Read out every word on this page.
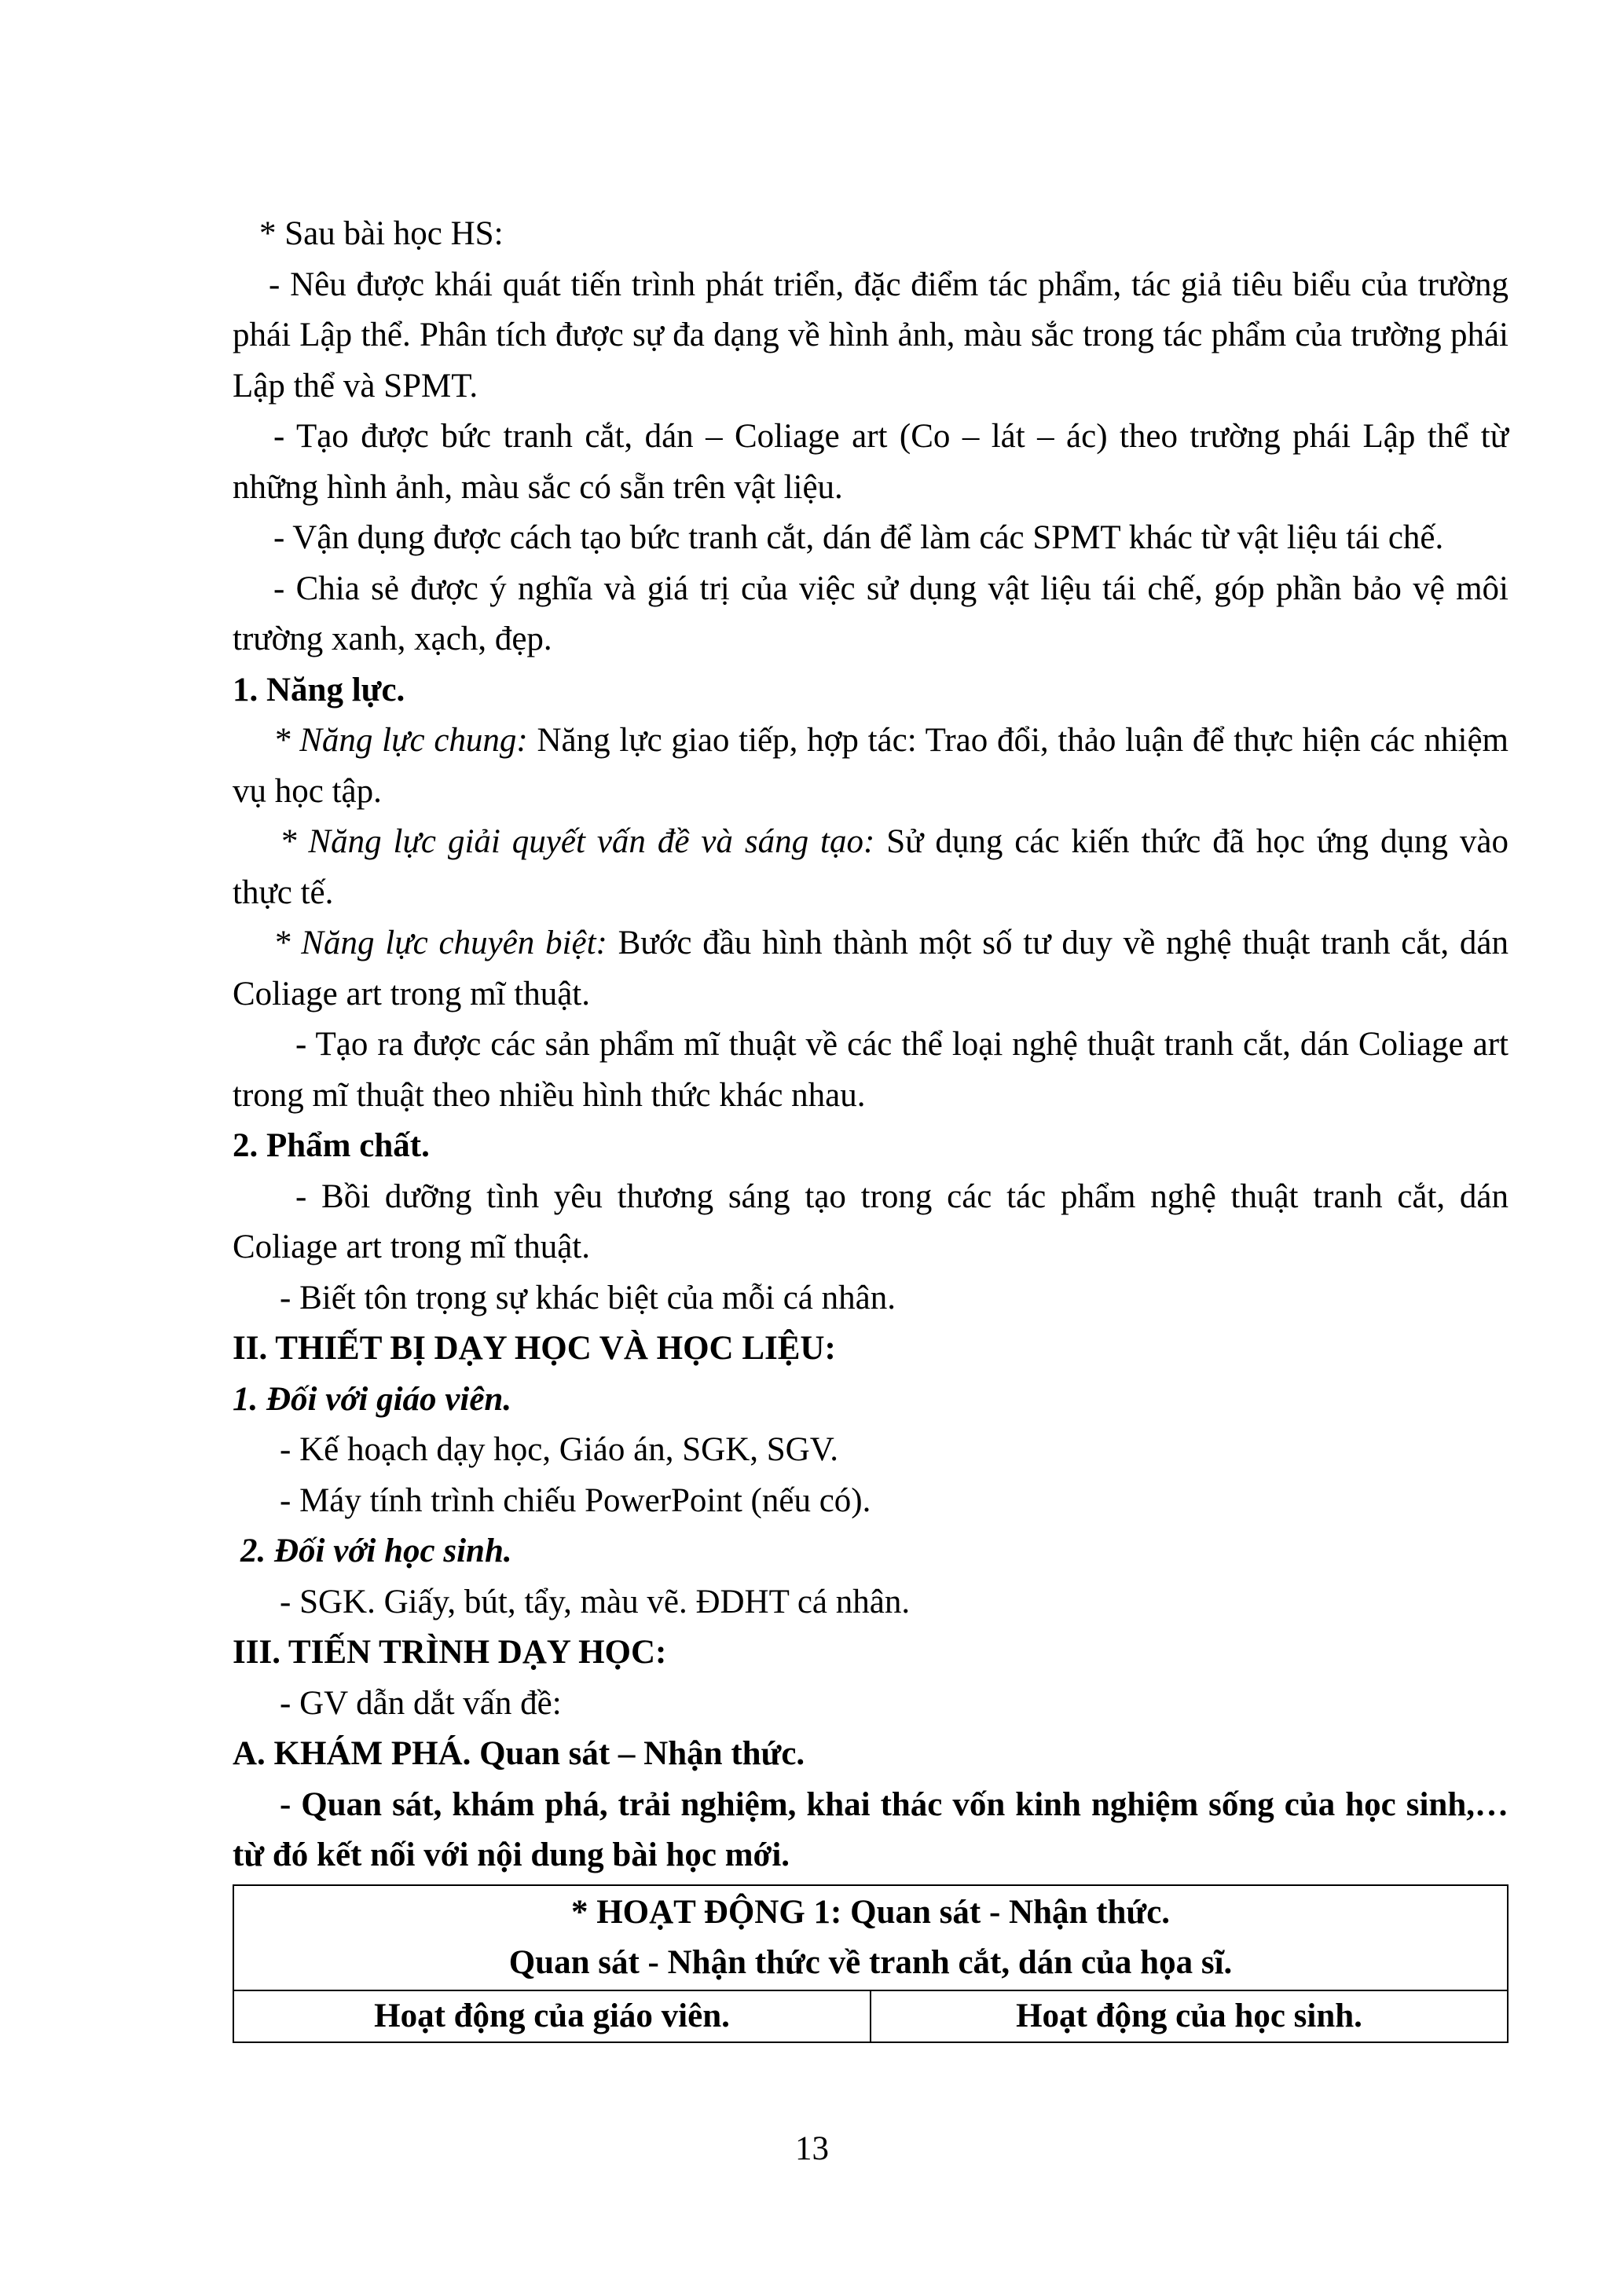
* Sau bài học HS:

- Nêu được khái quát tiến trình phát triển, đặc điểm tác phẩm, tác giả tiêu biểu của trường phái Lập thể. Phân tích được sự đa dạng về hình ảnh, màu sắc trong tác phẩm của trường phái Lập thể và SPMT.

- Tạo được bức tranh cắt, dán – Coliage art (Co – lát – ác) theo trường phái Lập thể từ những hình ảnh, màu sắc có sẵn trên vật liệu.

- Vận dụng được cách tạo bức tranh cắt, dán để làm các SPMT khác từ vật liệu tái chế.

- Chia sẻ được ý nghĩa và giá trị của việc sử dụng vật liệu tái chế, góp phần bảo vệ môi trường xanh, xạch, đẹp.

1. Năng lực.

* Năng lực chung: Năng lực giao tiếp, hợp tác: Trao đổi, thảo luận để thực hiện các nhiệm vụ học tập.

* Năng lực giải quyết vấn đề và sáng tạo: Sử dụng các kiến thức đã học ứng dụng vào thực tế.

* Năng lực chuyên biệt: Bước đầu hình thành một số tư duy về nghệ thuật tranh cắt, dán Coliage art trong mĩ thuật.

- Tạo ra được các sản phẩm mĩ thuật về các thể loại nghệ thuật tranh cắt, dán Coliage art trong mĩ thuật theo nhiều hình thức khác nhau.

2. Phẩm chất.

- Bồi dưỡng tình yêu thương sáng tạo trong các tác phẩm nghệ thuật tranh cắt, dán Coliage art trong mĩ thuật.

- Biết tôn trọng sự khác biệt của mỗi cá nhân.

II. THIẾT BỊ DẠY HỌC VÀ HỌC LIỆU:

1. Đối với giáo viên.

- Kế hoạch dạy học, Giáo án, SGK, SGV.

- Máy tính trình chiếu PowerPoint (nếu có).

2. Đối với học sinh.

- SGK. Giấy, bút, tẩy, màu vẽ. ĐDHT cá nhân.

III. TIẾN TRÌNH DẠY HỌC:

- GV dẫn dắt vấn đề:

A. KHÁM PHÁ. Quan sát – Nhận thức.

- Quan sát, khám phá, trải nghiệm, khai thác vốn kinh nghiệm sống của học sinh,…từ đó kết nối với nội dung bài học mới.

* HOẠT ĐỘNG 1: Quan sát - Nhận thức.
Quan sát - Nhận thức về tranh cắt, dán của họa sĩ.

Hoạt động của giáo viên.	Hoạt động của học sinh.
13
